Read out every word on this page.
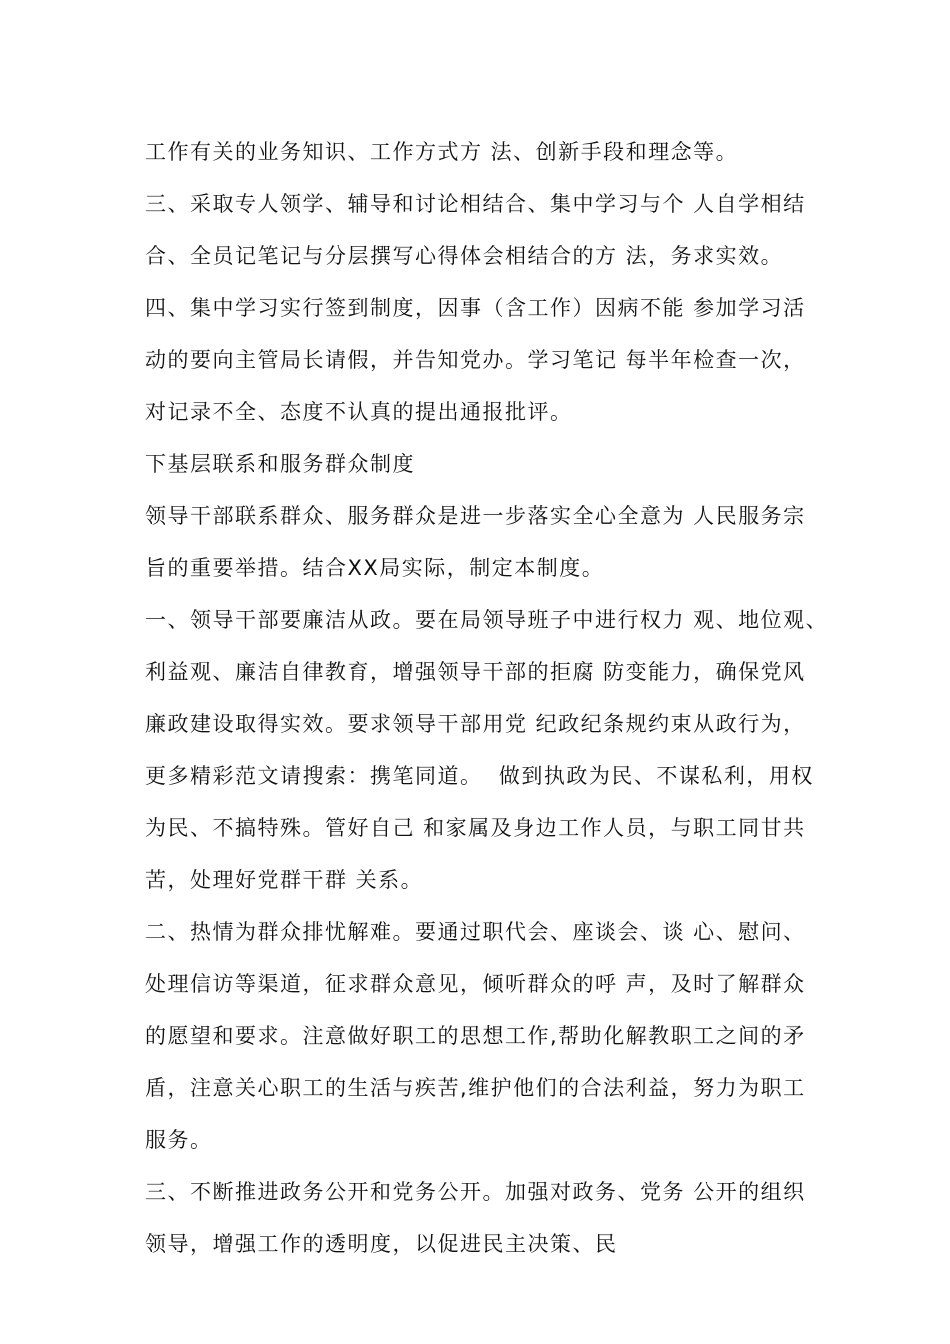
工作有关的业务知识、工作方式方 法、创新手段和理念等。
三、采取专人领学、辅导和讨论相结合、集中学习与个 人自学相结
合、全员记笔记与分层撰写心得体会相结合的方 法，务求实效。
四、集中学习实行签到制度，因事（含工作）因病不能 参加学习活
动的要向主管局长请假，并告知党办。学习笔记 每半年检查一次，
对记录不全、态度不认真的提出通报批评。
下基层联系和服务群众制度
领导干部联系群众、服务群众是进一步落实全心全意为 人民服务宗
旨的重要举措。结合XX局实际，制定本制度。
一、领导干部要廉洁从政。要在局领导班子中进行权力 观、地位观、
利益观、廉洁自律教育，增强领导干部的拒腐 防变能力，确保党风
廉政建设取得实效。要求领导干部用党 纪政纪条规约束从政行为，
更多精彩范文请搜索：携笔同道。  做到执政为民、不谋私利，用权
为民、不搞特殊。管好自己 和家属及身边工作人员，与职工同甘共
苦，处理好党群干群 关系。
二、热情为群众排忧解难。要通过职代会、座谈会、谈 心、慰问、
处理信访等渠道，征求群众意见，倾听群众的呼 声，及时了解群众
的愿望和要求。注意做好职工的思想工作,帮助化解教职工之间的矛
盾，注意关心职工的生活与疾苦,维护他们的合法利益，努力为职工
服务。
三、不断推进政务公开和党务公开。加强对政务、党务 公开的组织
领导，增强工作的透明度，以促进民主决策、民
